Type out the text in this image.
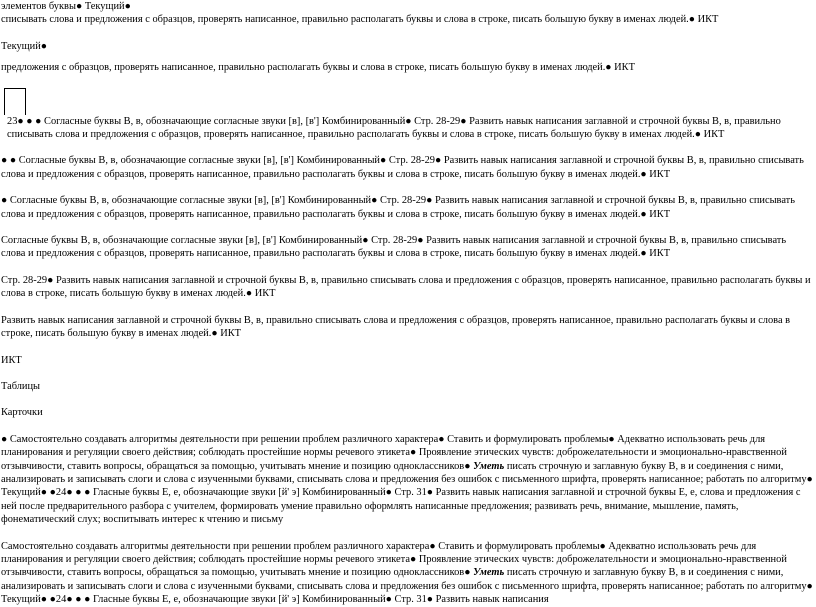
элементов буквы● Текущий●

списывать слова и предложения с образцов, проверять написанное, правильно располагать буквы и слова в строке, писать большую букву в именах людей.● ИКТ

Текущий●

предложения с образцов, проверять написанное, правильно располагать буквы и слова в строке, писать большую букву в именах людей.● ИКТ

23● ● ● Согласные буквы В, в, обозначающие согласные звуки [в], [в'] Комбинированный● Стр. 28-29● Развить навык написания заглавной и строчной буквы В, в, правильно списывать слова и предложения с образцов, проверять написанное, правильно располагать буквы и слова в строке, писать большую букву в именах людей.● ИКТ

● ● Согласные буквы В, в, обозначающие согласные звуки [в], [в'] Комбинированный● Стр. 28-29● Развить навык написания заглавной и строчной буквы В, в, правильно списывать слова и предложения с образцов, проверять написанное, правильно располагать буквы и слова в строке, писать большую букву в именах людей.● ИКТ

● Согласные буквы В, в, обозначающие согласные звуки [в], [в'] Комбинированный● Стр. 28-29● Развить навык написания заглавной и строчной буквы В, в, правильно списывать слова и предложения с образцов, проверять написанное, правильно располагать буквы и слова в строке, писать большую букву в именах людей.● ИКТ

Согласные буквы В, в, обозначающие согласные звуки [в], [в'] Комбинированный● Стр. 28-29● Развить навык написания заглавной и строчной буквы В, в, правильно списывать слова и предложения с образцов, проверять написанное, правильно располагать буквы и слова в строке, писать большую букву в именах людей.● ИКТ

Стр. 28-29● Развить навык написания заглавной и строчной буквы В, в, правильно списывать слова и предложения с образцов, проверять написанное, правильно располагать буквы и слова в строке, писать большую букву в именах людей.● ИКТ

Развить навык написания заглавной и строчной буквы В, в, правильно списывать слова и предложения с образцов, проверять написанное, правильно располагать буквы и слова в строке, писать большую букву в именах людей.● ИКТ

ИКТ

Таблицы

Карточки

● Самостоятельно создавать алгоритмы деятельности при решении проблем различного характера● Ставить и формулировать проблемы● Адекватно использовать речь для планирования и регуляции своего действия; соблюдать простейшие нормы речевого этикета● Проявление этических чувств: доброжелательности и эмоционально-нравственной отзывчивости, ставить вопросы, обращаться за помощью, учитывать мнение и позицию одноклассников● Уметь писать строчную и заглавную букву В, в и соединения с ними, анализировать и записывать слоги и слова с изученными буквами, списывать слова и предложения без ошибок с письменного шрифта, проверять написанное; работать по алгоритму● Текущий● ●24● ● ● Гласные буквы Е, е, обозначающие звуки [й' э] Комбинированный● Стр. 31● Развить навык написания заглавной и строчной буквы Е, е, слова и предложения с ней после предварительного разбора с учителем, формировать умение правильно оформлять написанные предложения; развивать речь, внимание, мышление, память, фонематический слух; воспитывать интерес к чтению и письму

Самостоятельно создавать алгоритмы деятельности при решении проблем различного характера● Ставить и формулировать проблемы● Адекватно использовать речь для планирования и регуляции своего действия; соблюдать простейшие нормы речевого этикета● Проявление этических чувств: доброжелательности и эмоционально-нравственной отзывчивости, ставить вопросы, обращаться за помощью, учитывать мнение и позицию одноклассников● Уметь писать строчную и заглавную букву В, в и соединения с ними, анализировать и записывать слоги и слова с изученными буквами, списывать слова и предложения без ошибок с письменного шрифта, проверять написанное; работать по алгоритму● Текущий● ●24● ● ● Гласные буквы Е, е, обозначающие звуки [й' э] Комбинированный● Стр. 31● Развить навык написания
